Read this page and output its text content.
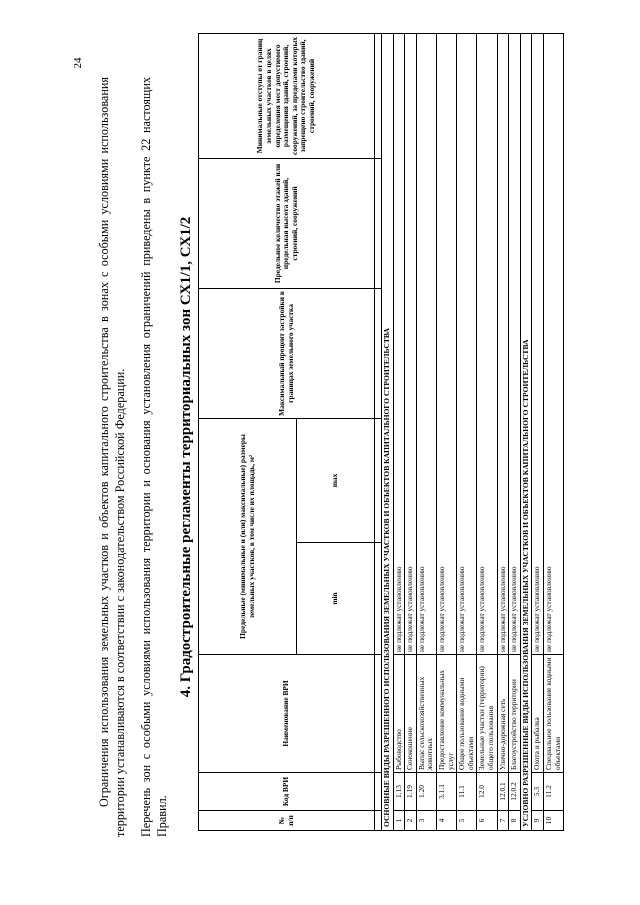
24
Ограничения использования земельных участков и объектов капитального строительства в зонах с особыми условиями использования территории устанавливаются в соответствии с законодательством Российской Федерации. Перечень зон с особыми условиями использования территории и основания установления ограничений приведены в пункте 22 настоящих Правил.
4. Градостроительные регламенты территориальных зон СХ1/1, СХ1/2
№ п/п	Код ВРИ	Наименование ВРИ	Предельные (минимальные и (или) максимальные) размеры земельных участков, в том числе их площадь, м²		Максимальный процент застройки в границах земельного участка	Предельное количество этажей или предельная высота зданий, строений, сооружений	Минимальные отступы от границ земельных участков в целях определения мест допустимого размещения зданий, строений, сооружений, за пределами которых запрещено строительство зданий, строений, сооружений
			min	max			

ОСНОВНЫЕ ВИДЫ РАЗРЕШЕННОГО ИСПОЛЬЗОВАНИЯ ЗЕМЕЛЬНЫХ УЧАСТКОВ И ОБЪЕКТОВ КАПИТАЛЬНОГО СТРОИТЕЛЬСТВА							
1	1.13	Рыбоводство	не подлежат установлению				
2	1.19	Сенокошение	не подлежат установлению				
3	1.20	Выпас сельскохозяйственных животных	не подлежат установлению				
4	3.1.1	Предоставление коммунальных услуг	не подлежат установлению				
5	11.1	Общее пользование водными объектами	не подлежат установлению				
6	12.0	Земельные участки (территории) общего пользования	не подлежат установлению				
7	12.0.1	Улично-дорожная сеть	не подлежат установлению				
8	12.0.2	Благоустройство территории	не подлежат установлению				
УСЛОВНО РАЗРЕШЕННЫЕ ВИДЫ ИСПОЛЬЗОВАНИЯ ЗЕМЕЛЬНЫХ УЧАСТКОВ И ОБЪЕКТОВ КАПИТАЛЬНОГО СТРОИТЕЛЬСТВА							
9	5.3	Охота и рыбалка	не подлежат установлению				
10	11.2	Специальное пользование водными объектами	не подлежат установлению				
